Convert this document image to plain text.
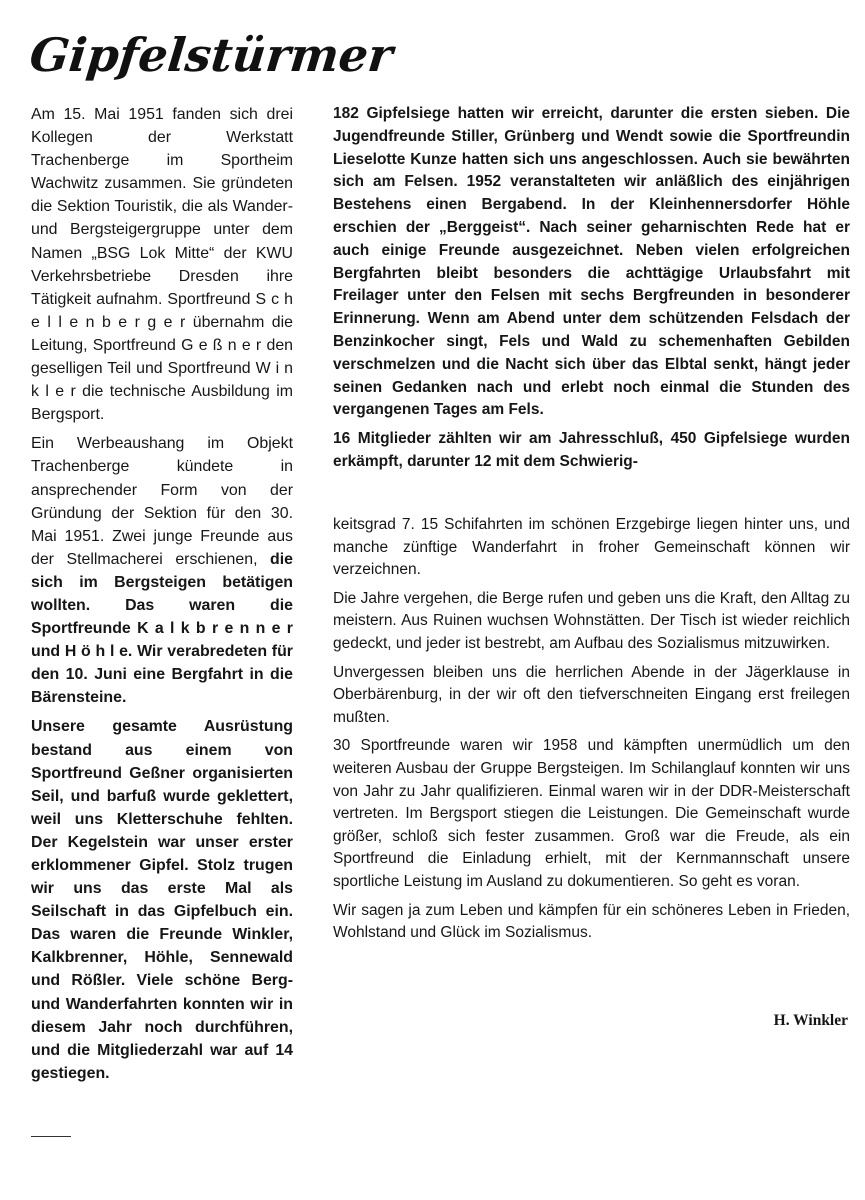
Gipfelstürmer

Am 15. Mai 1951 fanden sich drei Kollegen der Werkstatt Trachenberge im Sportheim Wachwitz zusammen. Sie gründeten die Sektion Touristik, die als Wander- und Bergsteigergruppe unter dem Namen „BSG Lok Mitte“ der KWU Verkehrsbetriebe Dresden ihre Tätigkeit aufnahm. Sportfreund S c h e l l e n b e r g e r übernahm die Leitung, Sportfreund G e ß n e r den geselligen Teil und Sportfreund W i n k l e r die technische Ausbildung im Bergsport.

Ein Werbeaushang im Objekt Trachenberge kündete in ansprechender Form von der Gründung der Sektion für den 30. Mai 1951. Zwei junge Freunde aus der Stellmacherei erschienen, die sich im Bergsteigen betätigen wollten. Das waren die Sportfreunde K a l k b r e n n e r und H ö h l e. Wir verabredeten für den 10. Juni eine Bergfahrt in die Bärensteine.

Unsere gesamte Ausrüstung bestand aus einem von Sportfreund Geßner organisierten Seil, und barfuß wurde geklettert, weil uns Kletterschuhe fehlten. Der Kegelstein war unser erster erklommener Gipfel. Stolz trugen wir uns das erste Mal als Seilschaft in das Gipfelbuch ein. Das waren die Freunde Winkler, Kalkbrenner, Höhle, Sennewald und Rößler. Viele schöne Berg- und Wanderfahrten konnten wir in diesem Jahr noch durchführen, und die Mitgliederzahl war auf 14 gestiegen.

182 Gipfelsiege hatten wir erreicht, darunter die ersten sieben. Die Jugendfreunde Stiller, Grünberg und Wendt sowie die Sportfreundin Lieselotte Kunze hatten sich uns angeschlossen. Auch sie bewährten sich am Felsen. 1952 veranstalteten wir anläßlich des einjährigen Bestehens einen Bergabend. In der Kleinhennersdorfer Höhle erschien der „Berggeist“. Nach seiner geharnischten Rede hat er auch einige Freunde ausgezeichnet. Neben vielen erfolgreichen Bergfahrten bleibt besonders die achttägige Urlaubsfahrt mit Freilager unter den Felsen mit sechs Bergfreunden in besonderer Erinnerung. Wenn am Abend unter dem schützenden Felsdach der Benzinkocher singt, Fels und Wald zu schemenhaften Gebilden verschmelzen und die Nacht sich über das Elbtal senkt, hängt jeder seinen Gedanken nach und erlebt noch einmal die Stunden des vergangenen Tages am Fels.

16 Mitglieder zählten wir am Jahresschluß, 450 Gipfelsiege wurden erkämpft, darunter 12 mit dem Schwierig-

keitsgrad 7. 15 Schifahrten im schönen Erzgebirge liegen hinter uns, und manche zünftige Wanderfahrt in froher Gemeinschaft können wir verzeichnen.

Die Jahre vergehen, die Berge rufen und geben uns die Kraft, den Alltag zu meistern. Aus Ruinen wuchsen Wohnstätten. Der Tisch ist wieder reichlich gedeckt, und jeder ist bestrebt, am Aufbau des Sozialismus mitzuwirken.

Unvergessen bleiben uns die herrlichen Abende in der Jägerklause in Oberbärenburg, in der wir oft den tiefverschneiten Eingang erst freilegen mußten.

30 Sportfreunde waren wir 1958 und kämpften unermüdlich um den weiteren Ausbau der Gruppe Bergsteigen. Im Schilanglauf konnten wir uns von Jahr zu Jahr qualifizieren. Einmal waren wir in der DDR-Meisterschaft vertreten. Im Bergsport stiegen die Leistungen. Die Gemeinschaft wurde größer, schloß sich fester zusammen. Groß war die Freude, als ein Sportfreund die Einladung erhielt, mit der Kernmannschaft unsere sportliche Leistung im Ausland zu dokumentieren. So geht es voran.

Wir sagen ja zum Leben und kämpfen für ein schöneres Leben in Frieden, Wohlstand und Glück im Sozialismus.

H. Winkler
